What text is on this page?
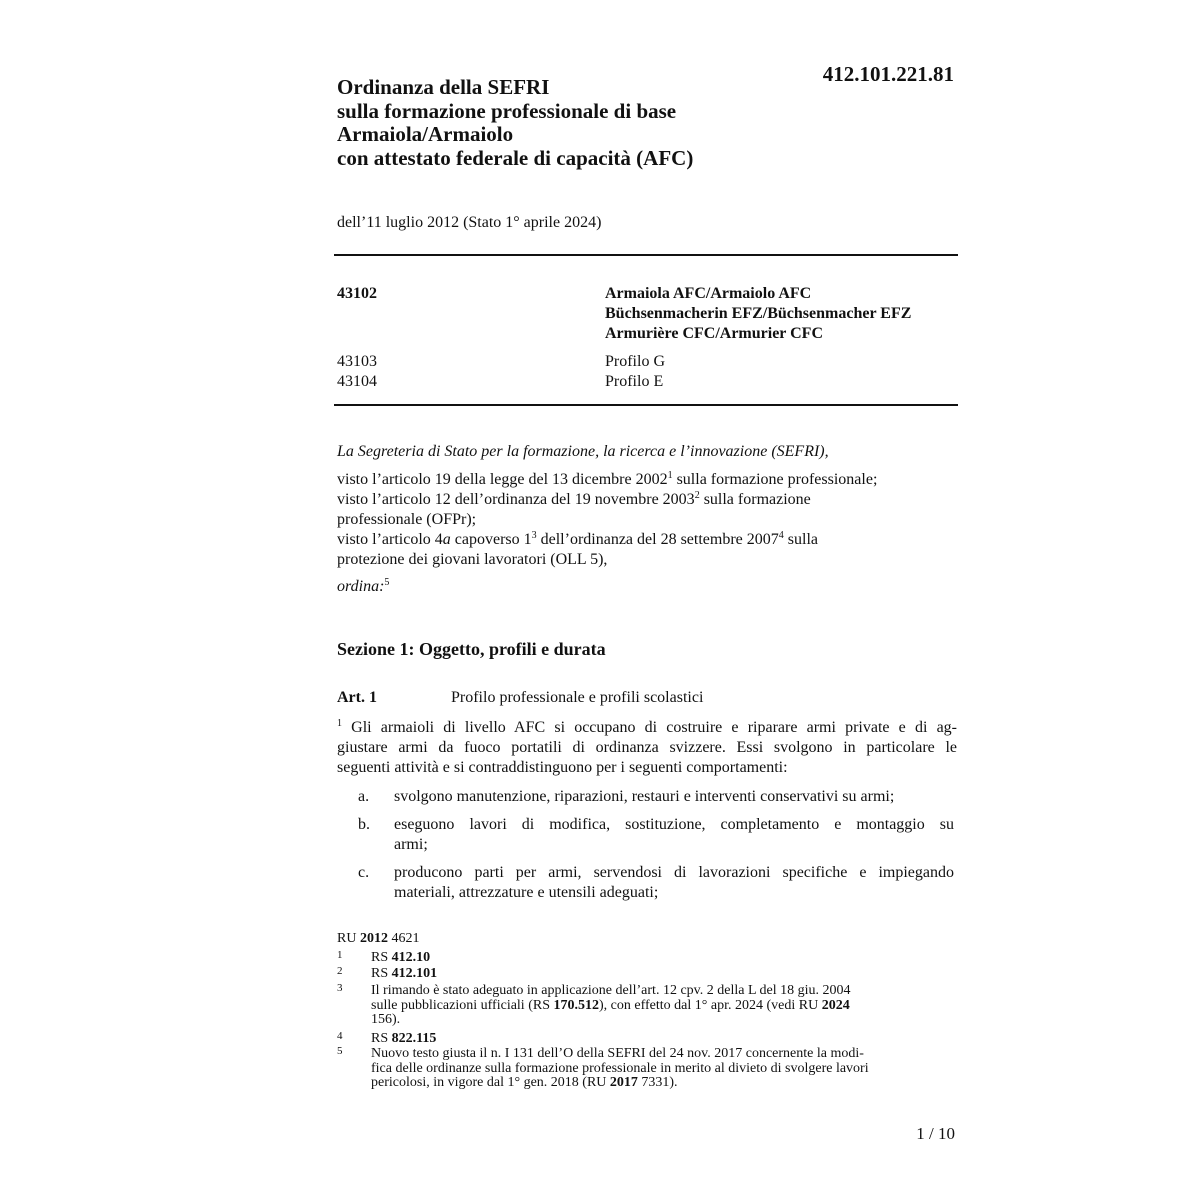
Ordinanza della SEFRI
sulla formazione professionale di base
Armaiola/Armaiolo
con attestato federale di capacità (AFC)
412.101.221.81
dell’11 luglio 2012 (Stato 1° aprile 2024)
43102	Armaiola AFC/Armaiolo AFC
Büchsenmacherin EFZ/Büchsenmacher EFZ
Armurière CFC/Armurier CFC
43103	Profilo G
43104	Profilo E
La Segreteria di Stato per la formazione, la ricerca e l’innovazione (SEFRI),
visto l’articolo 19 della legge del 13 dicembre 2002$^1$ sulla formazione professionale;
visto l’articolo 12 dell’ordinanza del 19 novembre 2003$^2$ sulla formazione
professionale (OFPr);
visto l’articolo 4a capoverso $1^3$ dell’ordinanza del 28 settembre 2007$^4$ sulla
protezione dei giovani lavoratori (OLL 5),
ordina:$^5$
Sezione 1: Oggetto, profili e durata
Art. 1	Profilo professionale e profili scolastici
$^1$ Gli armaioli di livello AFC si occupano di costruire e riparare armi private e di ag-
giustare armi da fuoco portatili di ordinanza svizzere. Essi svolgono in particolare le
seguenti attività e si contraddistinguono per i seguenti comportamenti:
a. svolgono manutenzione, riparazioni, restauri e interventi conservativi su armi;
b. eseguono lavori di modifica, sostituzione, completamento e montaggio su
armi;
c. producono parti per armi, servendosi di lavorazioni specifiche e impiegando
materiali, attrezzature e utensili adeguati;
RU 2012 4621
1 RS 412.10
2 RS 412.101
3 Il rimando è stato adeguato in applicazione dell’art. 12 cpv. 2 della L del 18 giu. 2004
sulle pubblicazioni ufficiali (RS 170.512), con effetto dal 1° apr. 2024 (vedi RU 2024
156).
4 RS 822.115
5 Nuovo testo giusta il n. I 131 dell’O della SEFRI del 24 nov. 2017 concernente la modi-
fica delle ordinanze sulla formazione professionale in merito al divieto di svolgere lavori
pericolosi, in vigore dal 1° gen. 2018 (RU 2017 7331).
1 / 10
